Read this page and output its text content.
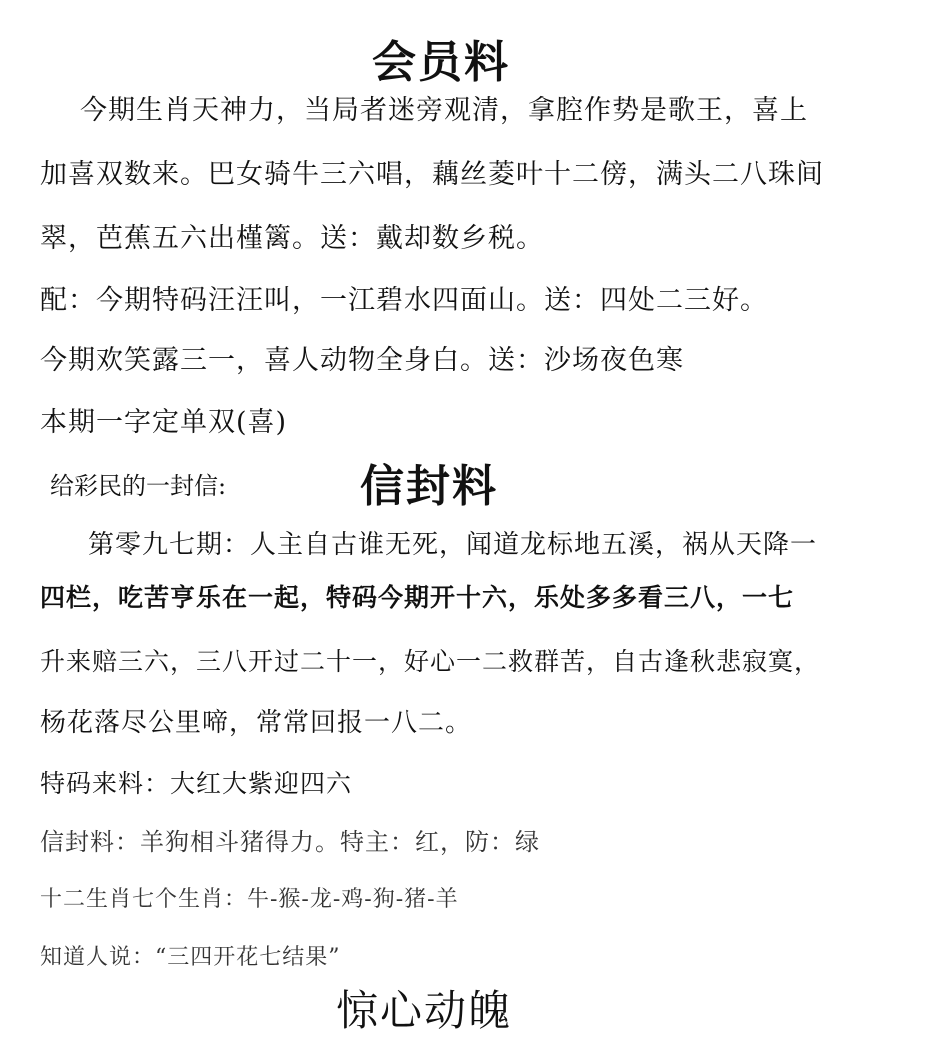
会员料
今期生肖天神力，当局者迷旁观清，拿腔作势是歌王，喜上
加喜双数来。巴女骑牛三六唱，藕丝菱叶十二傍，满头二八珠间
翠，芭蕉五六出槿篱。送：戴却数乡税。
配：今期特码汪汪叫，一江碧水四面山。送：四处二三好。
今期欢笑露三一，喜人动物全身白。送：沙场夜色寒
本期一字定单双(喜)
给彩民的一封信:	信封料
第零九七期：人主自古谁无死，闻道龙标地五溪，祸从天降一
四栏，吃苦亨乐在一起，特码今期开十六，乐处多多看三八，一七
升来赔三六，三八开过二十一，好心一二救群苦，自古逢秋悲寂寞，
杨花落尽公里啼，常常回报一八二。
特码来料：大红大紫迎四六
信封料：羊狗相斗猪得力。特主：红，防：绿
十二生肖七个生肖：牛-猴-龙-鸡-狗-猪-羊
知道人说：“三四开花七结果”
惊心动魄
